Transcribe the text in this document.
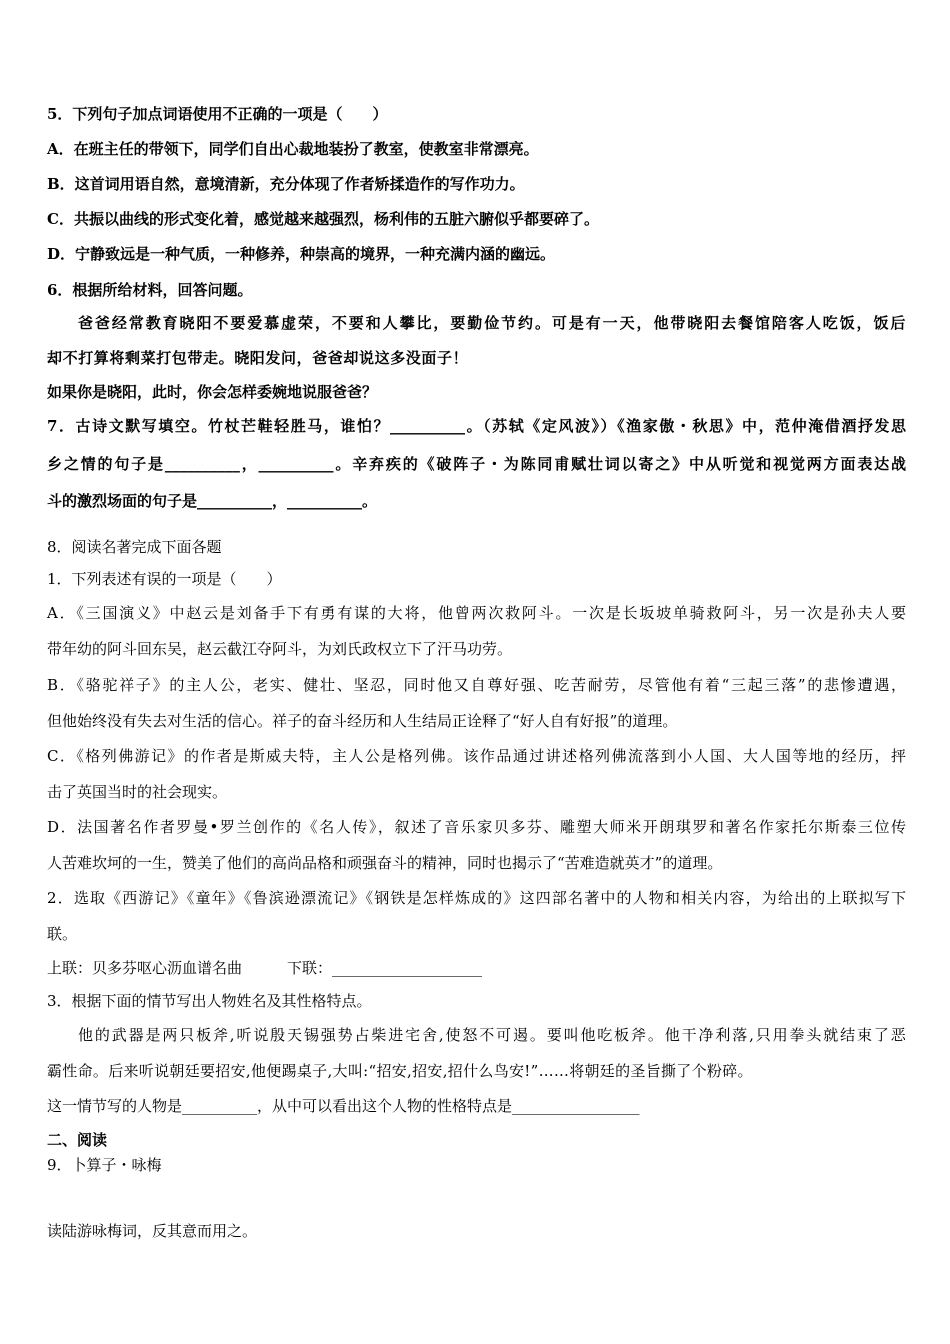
5．下列句子加点词语使用不正确的一项是（　　）
A．在班主任的带领下，同学们自出心裁地装扮了教室，使教室非常漂亮。
B．这首词用语自然，意境清新，充分体现了作者矫揉造作的写作功力。
C．共振以曲线的形式变化着，感觉越来越强烈，杨利伟的五脏六腑似乎都要碎了。
D．宁静致远是一种气质，一种修养，种崇高的境界，一种充满内涵的幽远。
6．根据所给材料，回答问题。
爸爸经常教育晓阳不要爱慕虚荣，不要和人攀比，要勤俭节约。可是有一天，他带晓阳去餐馆陪客人吃饭，饭后
却不打算将剩菜打包带走。晓阳发问，爸爸却说这多没面子！
如果你是晓阳，此时，你会怎样委婉地说服爸爸？
7．古诗文默写填空。竹杖芒鞋轻胜马，谁怕？__________。（苏轼《定风波》）《渔家傲・秋思》中，范仲淹借酒抒发思
乡之情的句子是__________，__________。辛弃疾的《破阵子・为陈同甫赋壮词以寄之》中从听觉和视觉两方面表达战
斗的激烈场面的句子是__________，__________。
8．阅读名著完成下面各题
1．下列表述有误的一项是（　　）
A．《三国演义》中赵云是刘备手下有勇有谋的大将，他曾两次救阿斗。一次是长坂坡单骑救阿斗，另一次是孙夫人要
带年幼的阿斗回东吴，赵云截江夺阿斗，为刘氏政权立下了汗马功劳。
B．《骆驼祥子》的主人公，老实、健壮、坚忍，同时他又自尊好强、吃苦耐劳，尽管他有着“三起三落”的悲惨遭遇，
但他始终没有失去对生活的信心。祥子的奋斗经历和人生结局正诠释了“好人自有好报”的道理。
C．《格列佛游记》的作者是斯威夫特，主人公是格列佛。该作品通过讲述格列佛流落到小人国、大人国等地的经历，抨
击了英国当时的社会现实。
D．法国著名作者罗曼•罗兰创作的《名人传》，叙述了音乐家贝多芬、雕塑大师米开朗琪罗和著名作家托尔斯泰三位传
人苦难坎坷的一生，赞美了他们的高尚品格和顽强奋斗的精神，同时也揭示了“苦难造就英才”的道理。
2．选取《西游记》《童年》《鲁滨逊漂流记》《钢铁是怎样炼成的》这四部名著中的人物和相关内容，为给出的上联拟写下
联。
上联：贝多芬呕心沥血谱名曲　　　下联：____________________
3．根据下面的情节写出人物姓名及其性格特点。
他的武器是两只板斧,听说殷天锡强势占柴进宅舍,使怒不可遏。要叫他吃板斧。他干净利落,只用拳头就结束了恶
霸性命。后来听说朝廷要招安,他便踢桌子,大叫:“招安,招安,招什么鸟安!”……将朝廷的圣旨撕了个粉碎。
这一情节写的人物是__________，从中可以看出这个人物的性格特点是_________________
二、阅读
9．卜算子・咏梅
读陆游咏梅词，反其意而用之。
